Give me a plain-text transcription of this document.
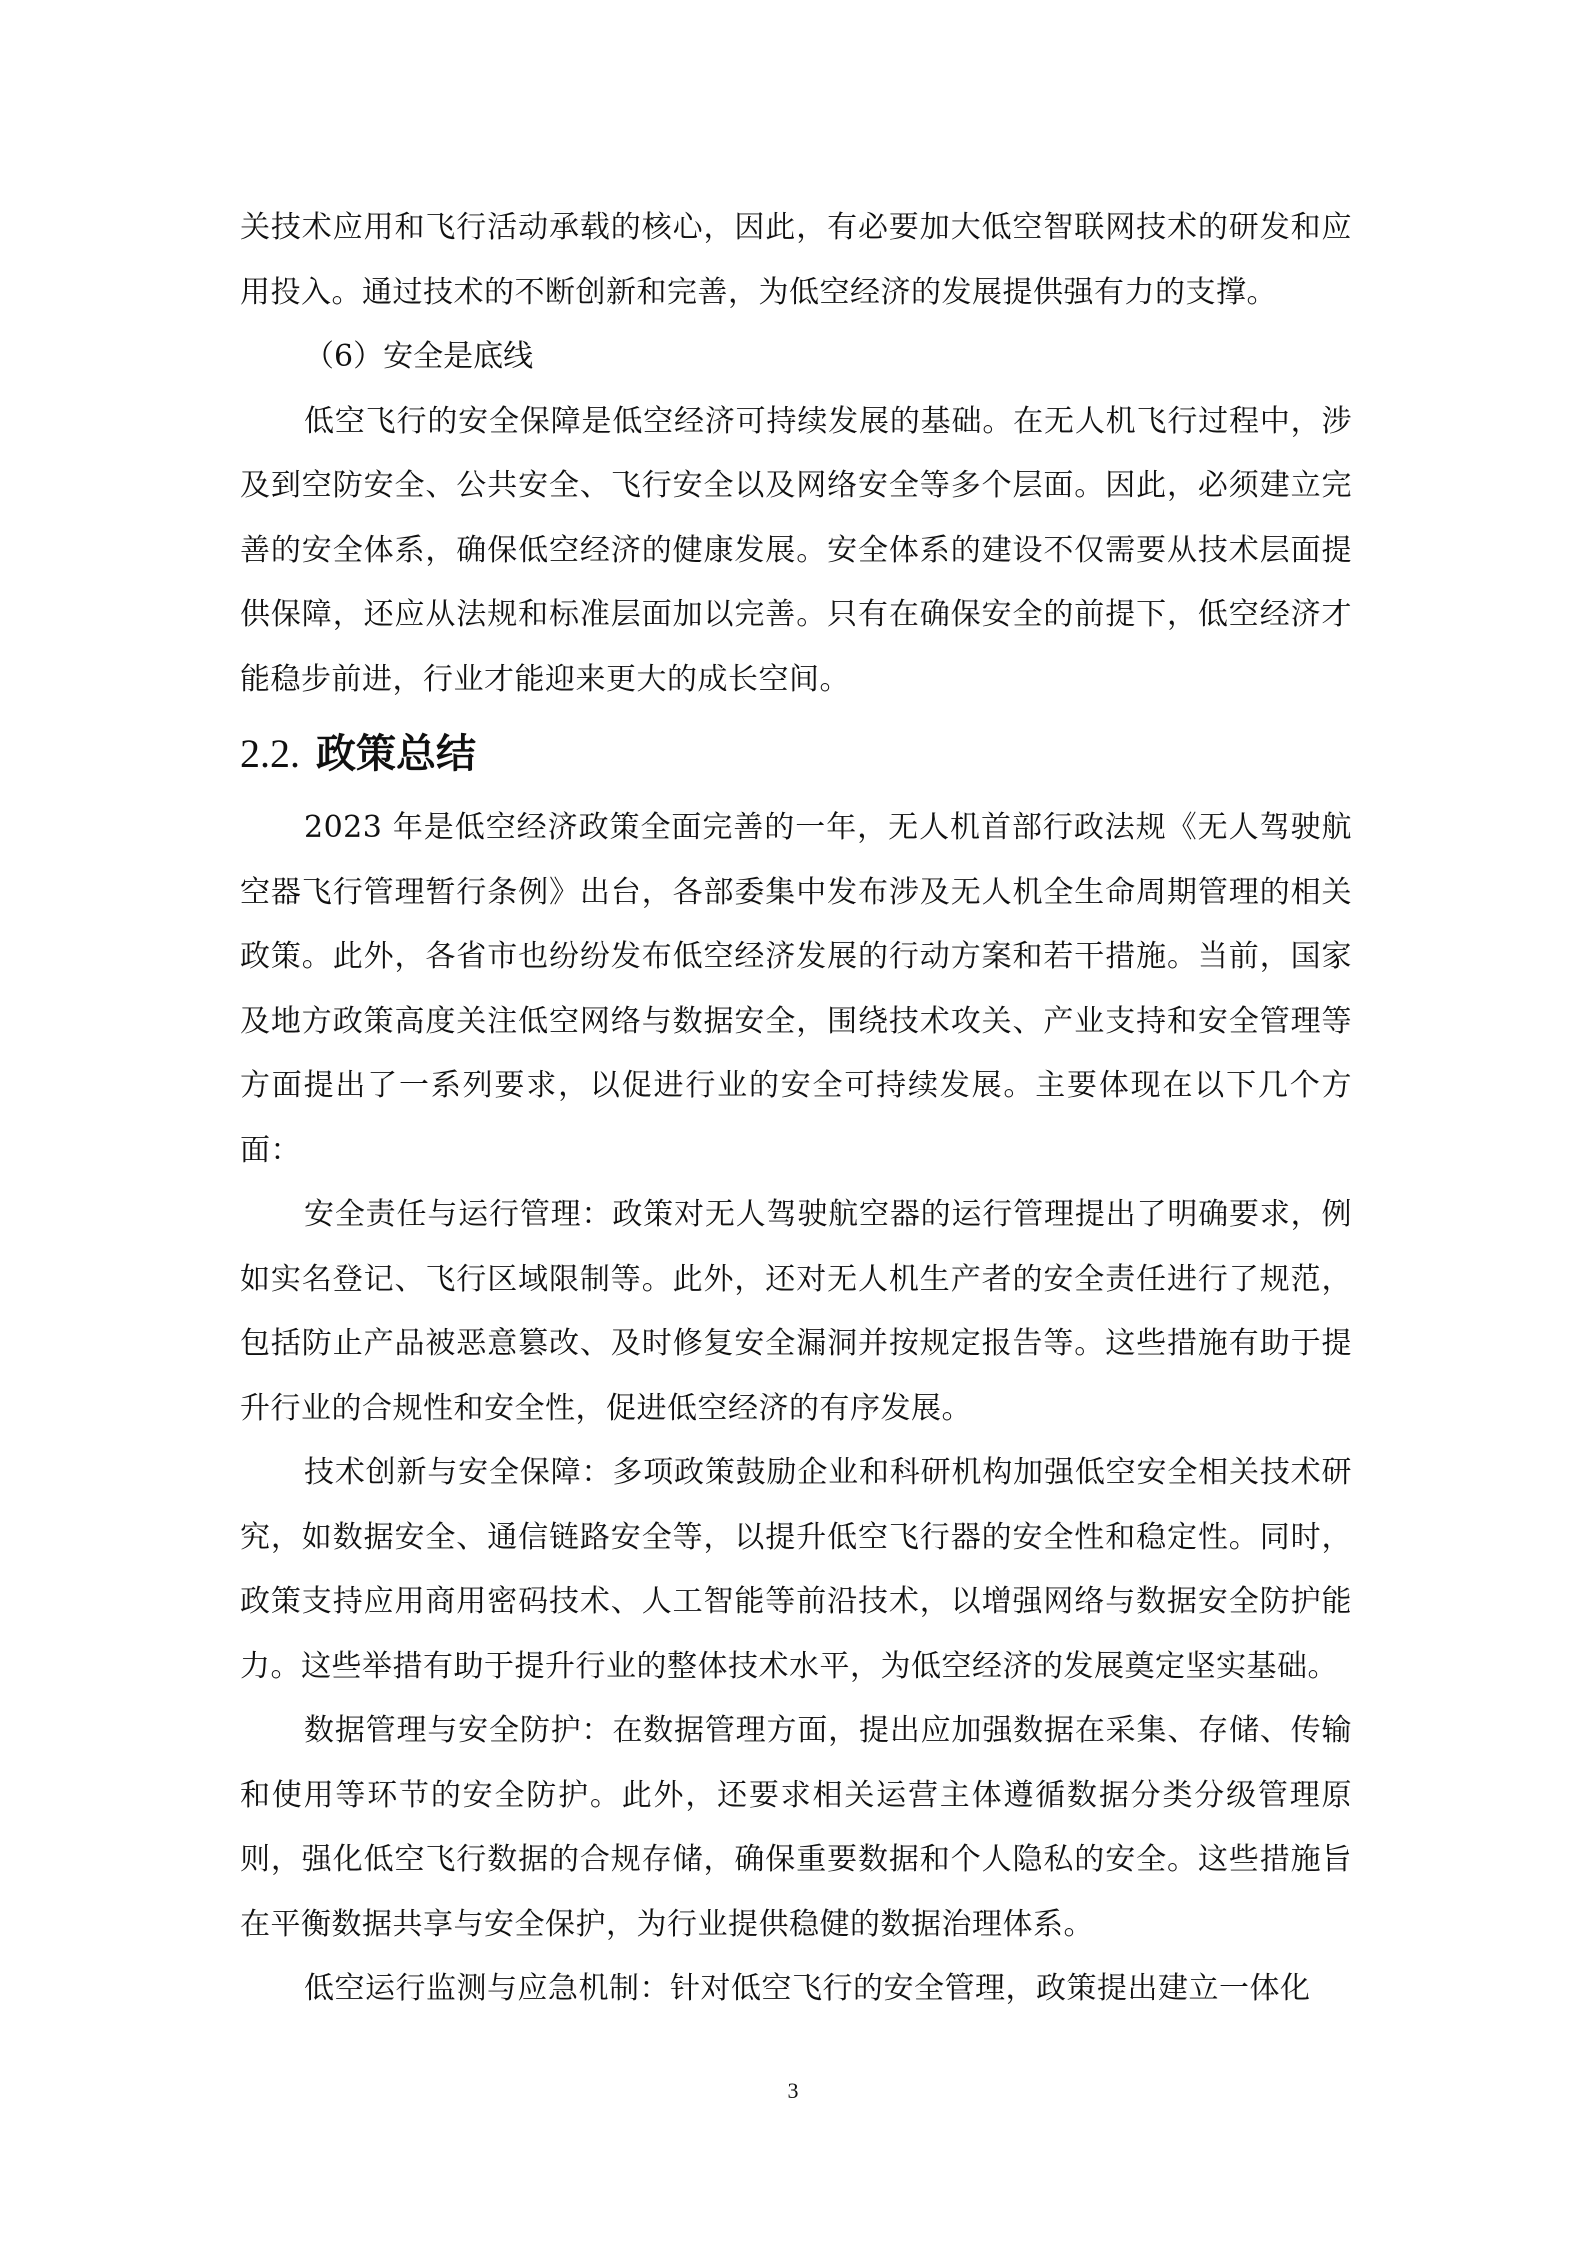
关技术应用和飞行活动承载的核心，因此，有必要加大低空智联网技术的研发和应用投入。通过技术的不断创新和完善，为低空经济的发展提供强有力的支撑。

（6）安全是底线

低空飞行的安全保障是低空经济可持续发展的基础。在无人机飞行过程中，涉及到空防安全、公共安全、飞行安全以及网络安全等多个层面。因此，必须建立完善的安全体系，确保低空经济的健康发展。安全体系的建设不仅需要从技术层面提供保障，还应从法规和标准层面加以完善。只有在确保安全的前提下，低空经济才能稳步前进，行业才能迎来更大的成长空间。

2.2. 政策总结

2023 年是低空经济政策全面完善的一年，无人机首部行政法规《无人驾驶航空器飞行管理暂行条例》出台，各部委集中发布涉及无人机全生命周期管理的相关政策。此外，各省市也纷纷发布低空经济发展的行动方案和若干措施。当前，国家及地方政策高度关注低空网络与数据安全，围绕技术攻关、产业支持和安全管理等方面提出了一系列要求，以促进行业的安全可持续发展。主要体现在以下几个方面：

安全责任与运行管理：政策对无人驾驶航空器的运行管理提出了明确要求，例如实名登记、飞行区域限制等。此外，还对无人机生产者的安全责任进行了规范，包括防止产品被恶意篡改、及时修复安全漏洞并按规定报告等。这些措施有助于提升行业的合规性和安全性，促进低空经济的有序发展。

技术创新与安全保障：多项政策鼓励企业和科研机构加强低空安全相关技术研究，如数据安全、通信链路安全等，以提升低空飞行器的安全性和稳定性。同时，政策支持应用商用密码技术、人工智能等前沿技术，以增强网络与数据安全防护能力。这些举措有助于提升行业的整体技术水平，为低空经济的发展奠定坚实基础。

数据管理与安全防护：在数据管理方面，提出应加强数据在采集、存储、传输和使用等环节的安全防护。此外，还要求相关运营主体遵循数据分类分级管理原则，强化低空飞行数据的合规存储，确保重要数据和个人隐私的安全。这些措施旨在平衡数据共享与安全保护，为行业提供稳健的数据治理体系。

低空运行监测与应急机制：针对低空飞行的安全管理，政策提出建立一体化

3
